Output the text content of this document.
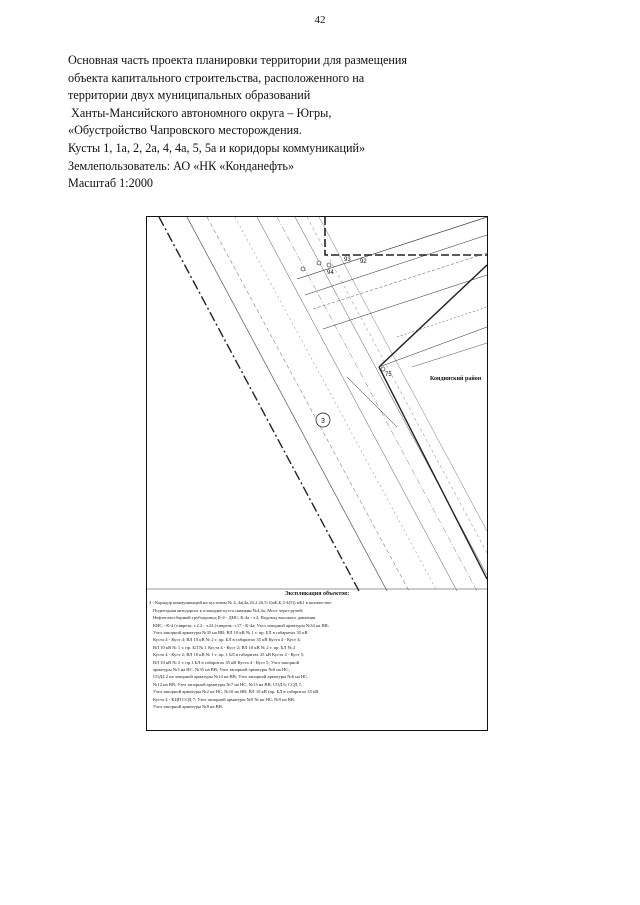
42
Основная часть проекта планировки территории для размещения
объекта капитального строительства, расположенного на
территории двух муниципальных образований
Ханты-Мансийского автономного округа – Югры,
«Обустройство Чапровского месторождения.
Кусты 1, 1а, 2, 2а, 4, 4а, 5, 5а и коридоры коммуникаций»
Землепользователь: АО «НК «Конданефть»
Масштаб 1:2000
93 92
94
75
Кондинский район
3
Экспликация объектов:
3 - Коридор коммуникаций на кустовом № 4, 4а(4а,2б,2.2б,5-1(мБ,Б,5-4(5)) мБ1 в количестве:
Подъездная автодорога к площадке куста скважин №4,4а; Мост через ручей;
Нефтегазосборный трубопровод К-4 - ДНС; К-4а - т.2; Водовод высокого давления
КНС - К-4 (т.вврезк. т.2.2 - т.24 (т.вврезк. т.17 - К-4а; Узел запорной арматуры №34 на ВВ;
Узел запорной арматуры №35 на ВВ; ВЛ 10 кВ № 1 т. пр. БЛ в габаритах 35 кВ
Куста 4 - Куст 4; ВЛ 10 кВ № 2 т. пр. БЛ в габаритах 35 кВ Куста 4 - Куст 4;
ВЛ 10 кВ № 1 т. пр. БЛ № 1 Куста 4 - Куст 2; ВЛ 10 кВ № 2 т. пр. БЛ № 2
Куста 4 - Куст 2; ВЛ 10 кВ № 1 т. пр. 1 БЛ в габаритах 35 кВ Куста 4 - Куст 5;
ВЛ 10 кВ № 2 т. пр.1 БЛ в габаритах 35 кВ Куста 4 - Куст 5; Узел запорной
арматуры №3 на НС, №35 на ВВ; Узел запорной арматуры №6 на НС;
СОД4.2 на запорной арматуры №14 на ВВ; Узел запорной арматуры №6 на НС,
№12 на ВВ; Узел запорной арматуры №7 на НС, №13 на ВВ; СОД 6; СОД 7;
Узел запорной арматуры №2 на НС, №10 на ВВ; ВЛ 10 кВ (пр. БЛ в габаритах 35 кВ
Куста 4 - КЦП СОД 7; Узел запорной арматуры №9 № на НС, №9 на ВВ;
Узел запорной арматуры №8 на ВВ.
